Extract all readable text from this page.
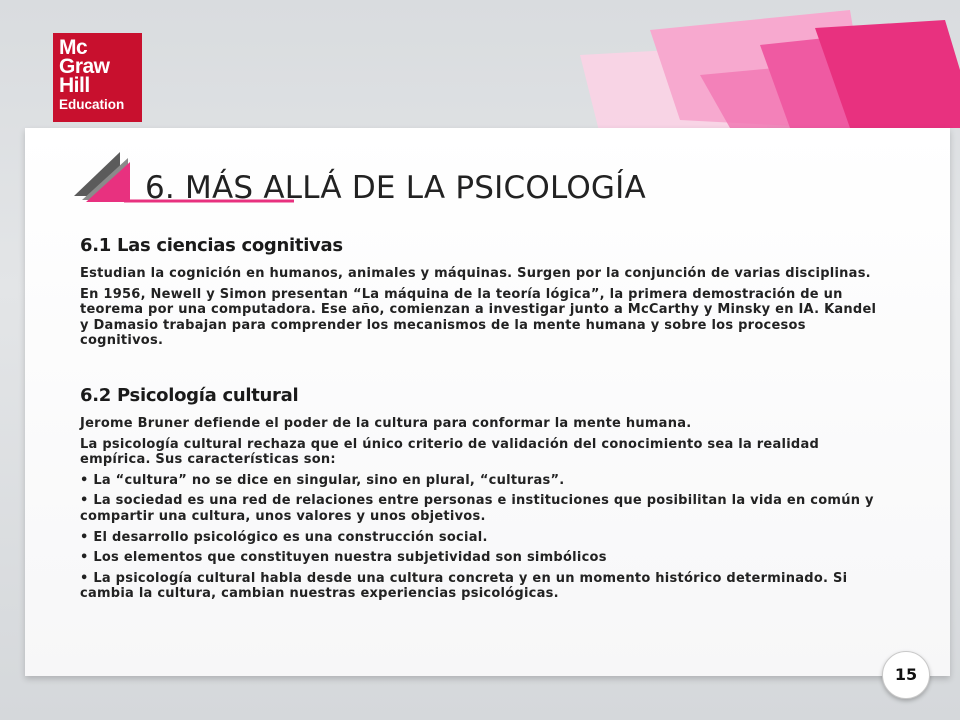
Mc
Graw
Hill
Education
6. MÁS ALLÁ DE LA PSICOLOGÍA
6.1 Las ciencias cognitivas

Estudian la cognición en humanos, animales y máquinas. Surgen por la conjunción de varias disciplinas.

En 1956, Newell y Simon presentan “La máquina de la teoría lógica”, la primera demostración de un teorema por una computadora. Ese año, comienzan a investigar junto a McCarthy y Minsky en IA. Kandel y Damasio trabajan para comprender los mecanismos de la mente humana y sobre los procesos cognitivos.

6.2 Psicología cultural

Jerome Bruner defiende el poder de la cultura para conformar la mente humana.

La psicología cultural rechaza que el único criterio de validación del conocimiento sea la realidad empírica. Sus características son:

• La “cultura” no se dice en singular, sino en plural, “culturas”.

• La sociedad es una red de relaciones entre personas e instituciones que posibilitan la vida en común y compartir una cultura, unos valores y unos objetivos.

• El desarrollo psicológico es una construcción social.

• Los elementos que constituyen nuestra subjetividad son simbólicos

• La psicología cultural habla desde una cultura concreta y en un momento histórico determinado. Si cambia la cultura, cambian nuestras experiencias psicológicas.

15
